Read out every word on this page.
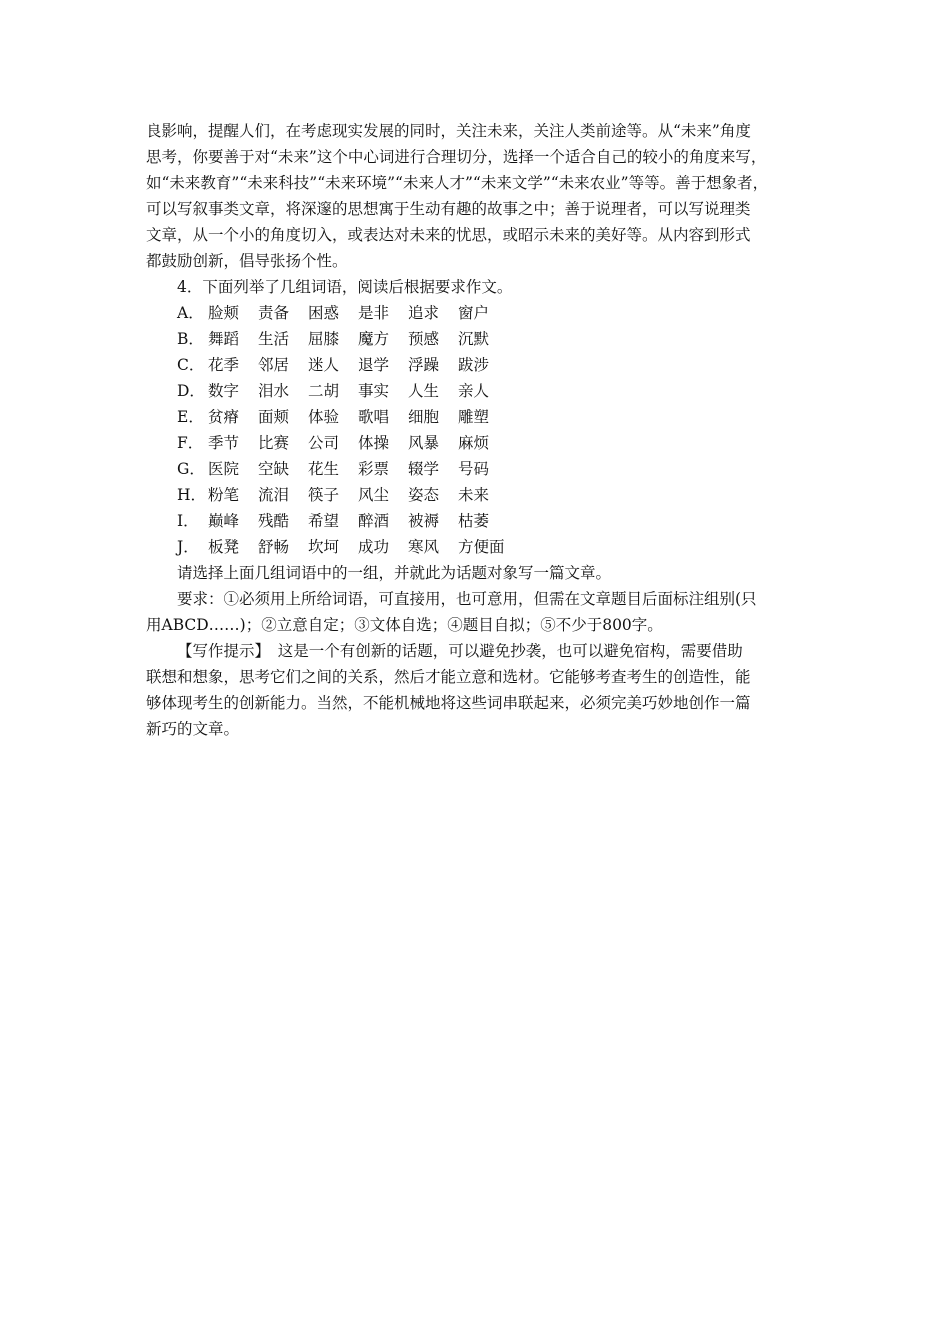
良影响，提醒人们，在考虑现实发展的同时，关注未来，关注人类前途等。从“未来”角度

思考，你要善于对“未来”这个中心词进行合理切分，选择一个适合自己的较小的角度来写，

如“未来教育”“未来科技”“未来环境”“未来人才”“未来文学”“未来农业”等等。善于想象者，

可以写叙事类文章，将深邃的思想寓于生动有趣的故事之中；善于说理者，可以写说理类

文章，从一个小的角度切入，或表达对未来的忧思，或昭示未来的美好等。从内容到形式

都鼓励创新，倡导张扬个性。

4．下面列举了几组词语，阅读后根据要求作文。

A． 脸颊	责备	困惑	是非	追求	窗户
B． 舞蹈	生活	屈膝	魔方	预感	沉默
C． 花季	邻居	迷人	退学	浮躁	跋涉
D． 数字	泪水	二胡	事实	人生	亲人
E． 贫瘠	面颊	体验	歌唱	细胞	雕塑
F． 季节	比赛	公司	体操	风暴	麻烦
G． 医院	空缺	花生	彩票	辍学	号码
H． 粉笔	流泪	筷子	风尘	姿态	未来
I． 巅峰	残酷	希望	醉酒	被褥	枯萎
J． 板凳	舒畅	坎坷	成功	寒风	方便面

请选择上面几组词语中的一组，并就此为话题对象写一篇文章。

要求：①必须用上所给词语，可直接用，也可意用，但需在文章题目后面标注组别(只

用ABCD……)；②立意自定；③文体自选；④题目自拟；⑤不少于800字。

【写作提示】　这是一个有创新的话题，可以避免抄袭，也可以避免宿构，需要借助

联想和想象，思考它们之间的关系，然后才能立意和选材。它能够考查考生的创造性，能

够体现考生的创新能力。当然，不能机械地将这些词串联起来，必须完美巧妙地创作一篇

新巧的文章。
